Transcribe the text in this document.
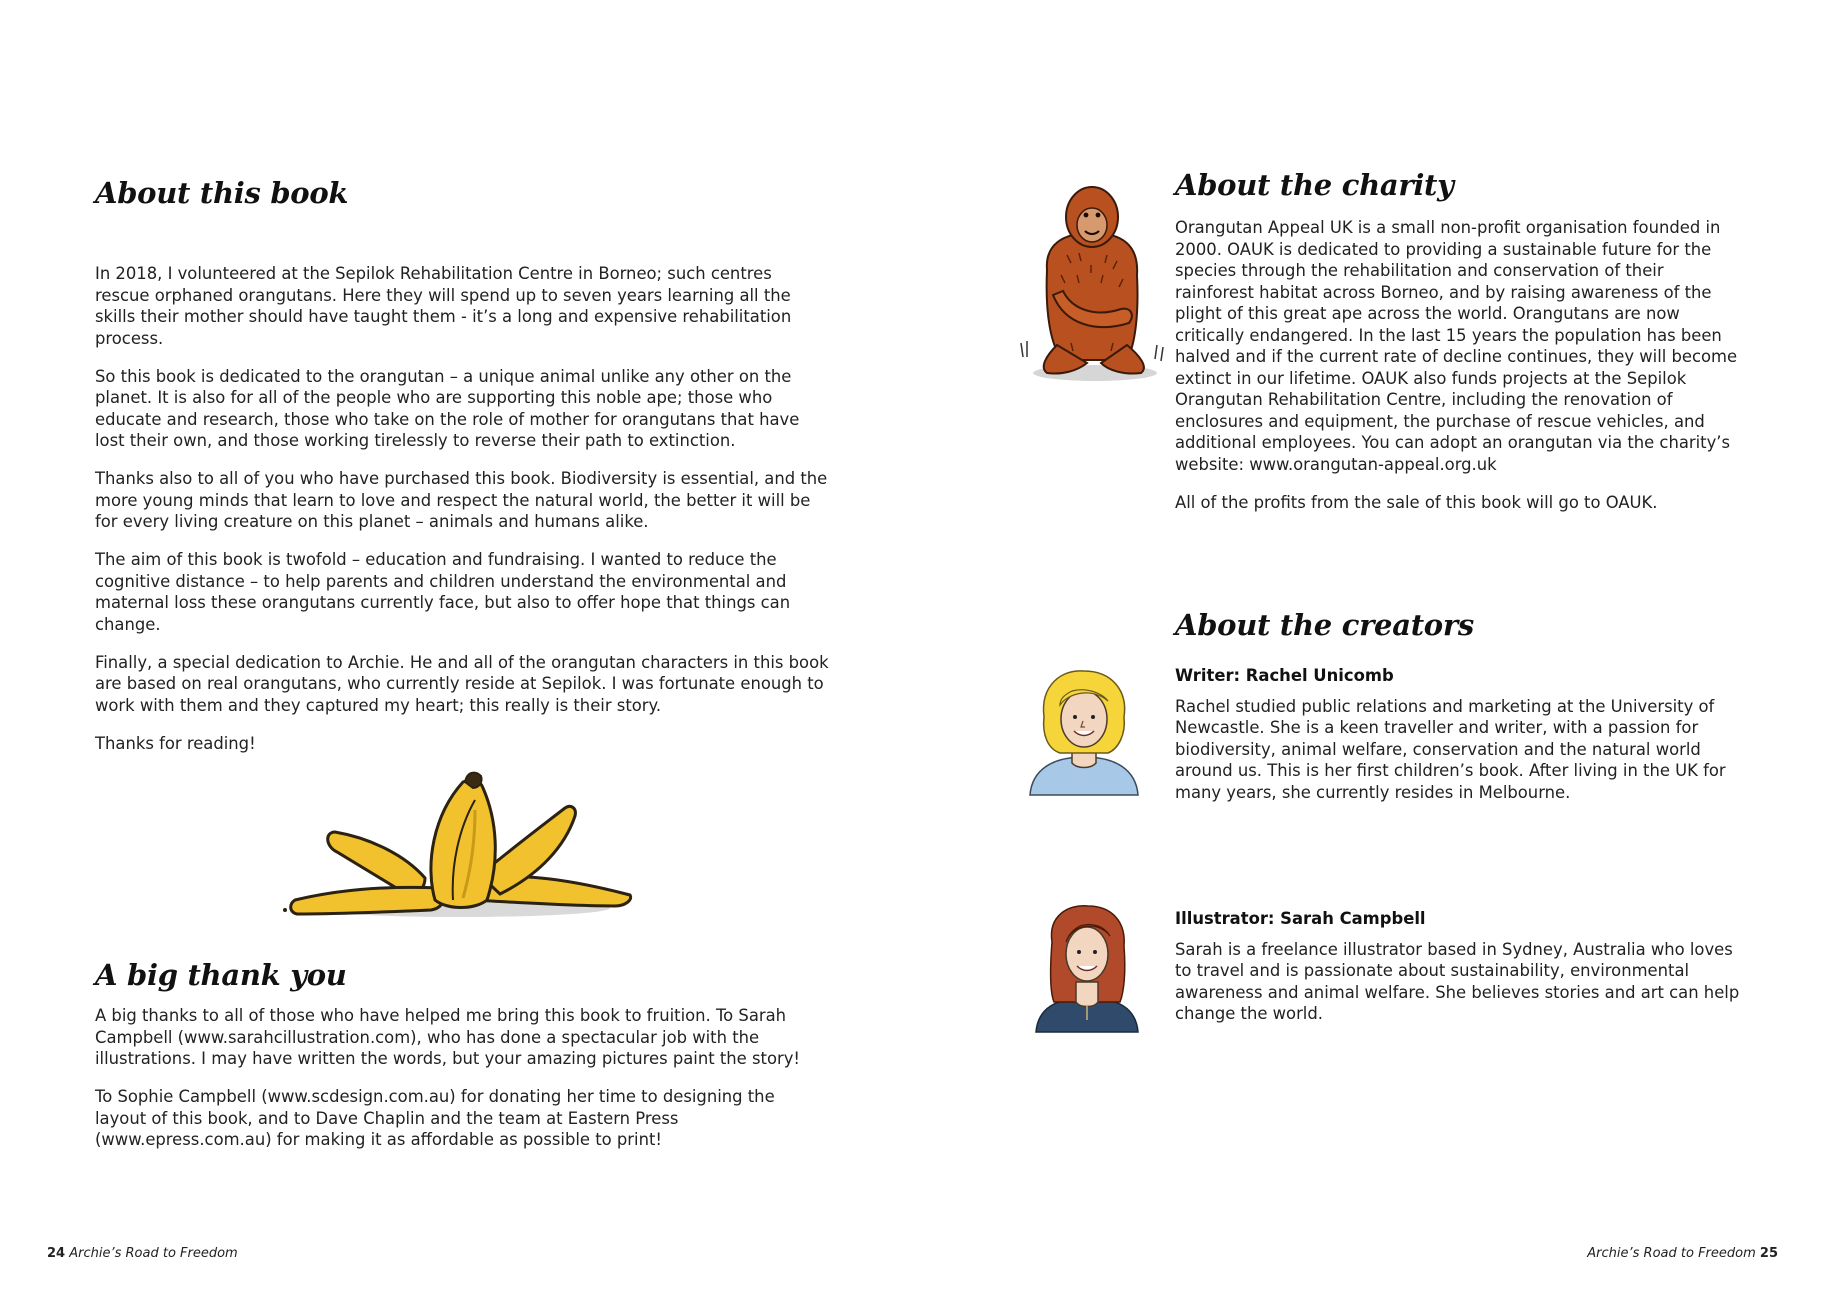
About this book

In 2018, I volunteered at the Sepilok Rehabilitation Centre in Borneo; such centres rescue orphaned orangutans. Here they will spend up to seven years learning all the skills their mother should have taught them - it’s a long and expensive rehabilitation process.

So this book is dedicated to the orangutan – a unique animal unlike any other on the planet. It is also for all of the people who are supporting this noble ape; those who educate and research, those who take on the role of mother for orangutans that have lost their own, and those working tirelessly to reverse their path to extinction.

Thanks also to all of you who have purchased this book. Biodiversity is essential, and the more young minds that learn to love and respect the natural world, the better it will be for every living creature on this planet – animals and humans alike.

The aim of this book is twofold – education and fundraising. I wanted to reduce the cognitive distance – to help parents and children understand the environmental and maternal loss these orangutans currently face, but also to offer hope that things can change.

Finally, a special dedication to Archie. He and all of the orangutan characters in this book are based on real orangutans, who currently reside at Sepilok. I was fortunate enough to work with them and they captured my heart; this really is their story.

Thanks for reading!

A big thank you

A big thanks to all of those who have helped me bring this book to fruition. To Sarah Campbell (www.sarahcillustration.com), who has done a spectacular job with the illustrations. I may have written the words, but your amazing pictures paint the story!

To Sophie Campbell (www.scdesign.com.au) for donating her time to designing the layout of this book, and to Dave Chaplin and the team at Eastern Press (www.epress.com.au) for making it as affordable as possible to print!

24 Archie’s Road to Freedom
About the charity

Orangutan Appeal UK is a small non-profit organisation founded in 2000. OAUK is dedicated to providing a sustainable future for the species through the rehabilitation and conservation of their rainforest habitat across Borneo, and by raising awareness of the plight of this great ape across the world. Orangutans are now critically endangered. In the last 15 years the population has been halved and if the current rate of decline continues, they will become extinct in our lifetime. OAUK also funds projects at the Sepilok Orangutan Rehabilitation Centre, including the renovation of enclosures and equipment, the purchase of rescue vehicles, and additional employees. You can adopt an orangutan via the charity’s website: www.orangutan-appeal.org.uk

All of the profits from the sale of this book will go to OAUK.

About the creators
Writer: Rachel Unicomb

Rachel studied public relations and marketing at the University of Newcastle. She is a keen traveller and writer, with a passion for biodiversity, animal welfare, conservation and the natural world around us. This is her first children’s book. After living in the UK for many years, she currently resides in Melbourne.

Illustrator: Sarah Campbell

Sarah is a freelance illustrator based in Sydney, Australia who loves to travel and is passionate about sustainability, environmental awareness and animal welfare. She believes stories and art can help change the world.

Archie’s Road to Freedom 25
